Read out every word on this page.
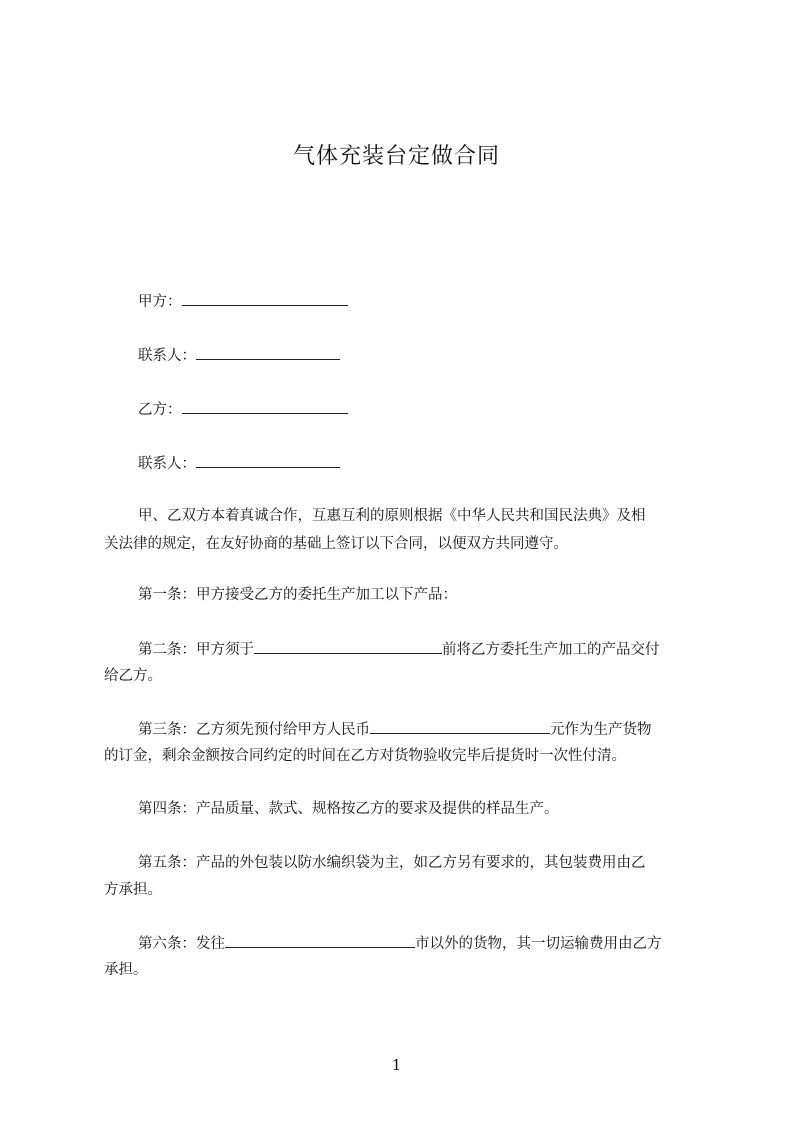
气体充装台定做合同
甲方：
联系人：
乙方：
联系人：
甲、乙双方本着真诚合作，互惠互利的原则根据《中华人民共和国民法典》及相
关法律的规定，在友好协商的基础上签订以下合同，以便双方共同遵守。
第一条：甲方接受乙方的委托生产加工以下产品：
第二条：甲方须于	前将乙方委托生产加工的产品交付
给乙方。
第三条：乙方须先预付给甲方人民币	元作为生产货物
的订金，剩余金额按合同约定的时间在乙方对货物验收完毕后提货时一次性付清。
第四条：产品质量、款式、规格按乙方的要求及提供的样品生产。
第五条：产品的外包装以防水编织袋为主，如乙方另有要求的，其包装费用由乙
方承担。
第六条：发往	市以外的货物，其一切运输费用由乙方
承担。
1
